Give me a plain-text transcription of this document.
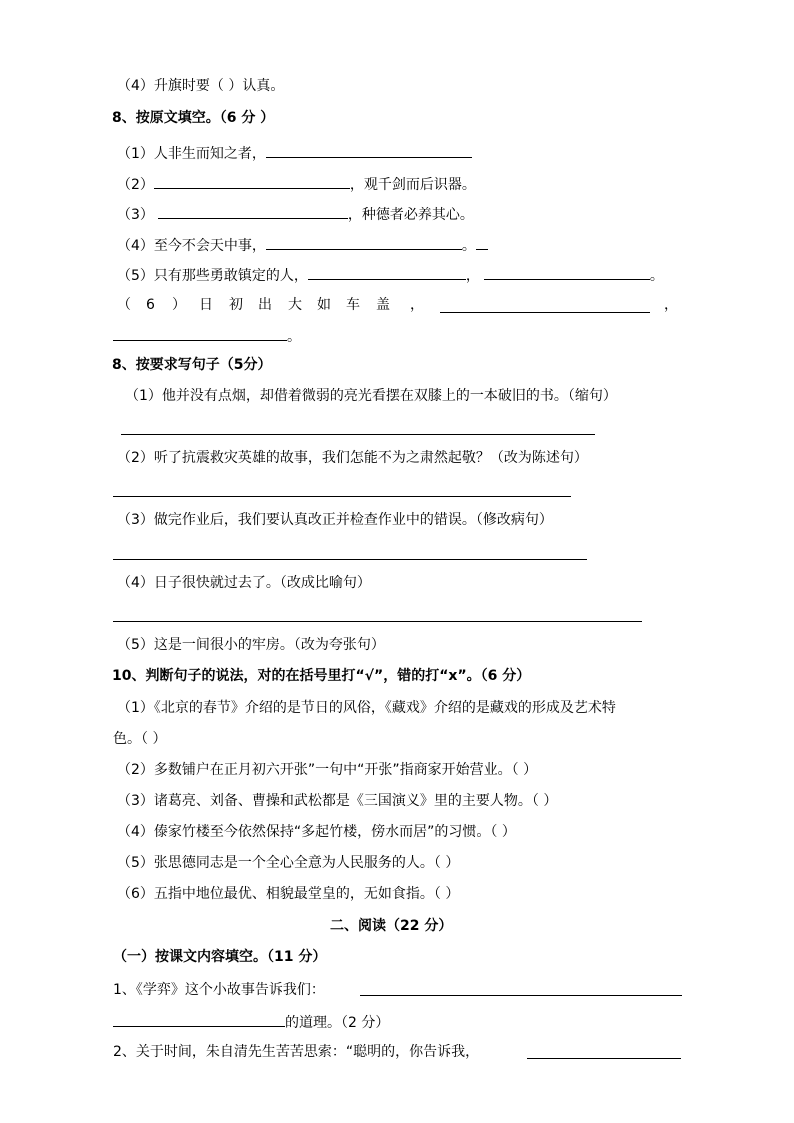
（4）升旗时要（ ）认真。
8、按原文填空。（6 分 ）
（1）人非生而知之者，
（2）	，观千剑而后识器。
（3）	，种德者必养其心。
（4）至今不会天中事，	。
（5）只有那些勇敢镇定的人，	，	。
（ 6 ） 日 初 出 大 如 车 盖 ，	，
。
8、按要求写句子（5分）
（1）他并没有点烟，却借着微弱的亮光看摆在双膝上的一本破旧的书。（缩句）
（2）听了抗震救灾英雄的故事，我们怎能不为之肃然起敬？（改为陈述句）
（3）做完作业后，我们要认真改正并检查作业中的错误。（修改病句）
（4）日子很快就过去了。（改成比喻句）
（5）这是一间很小的牢房。（改为夸张句）
10、判断句子的说法，对的在括号里打“√”，错的打“x”。（6 分）
（1）《北京的春节》介绍的是节日的风俗，《藏戏》介绍的是藏戏的形成及艺术特
色。（ ）
（2）多数铺户在正月初六开张”一句中“开张”指商家开始营业。（ ）
（3）诸葛亮、刘备、曹操和武松都是《三国演义》里的主要人物。（ ）
（4）傣家竹楼至今依然保持“多起竹楼，傍水而居”的习惯。（ ）
（5）张思德同志是一个全心全意为人民服务的人。（ ）
（6）五指中地位最优、相貌最堂皇的，无如食指。（ ）
二、阅读（22 分）
（一）按课文内容填空。（11 分）
1、《学弈》这个小故事告诉我们：
的道理。（2 分）
2、关于时间，朱自清先生苦苦思索：“聪明的，你告诉我，
